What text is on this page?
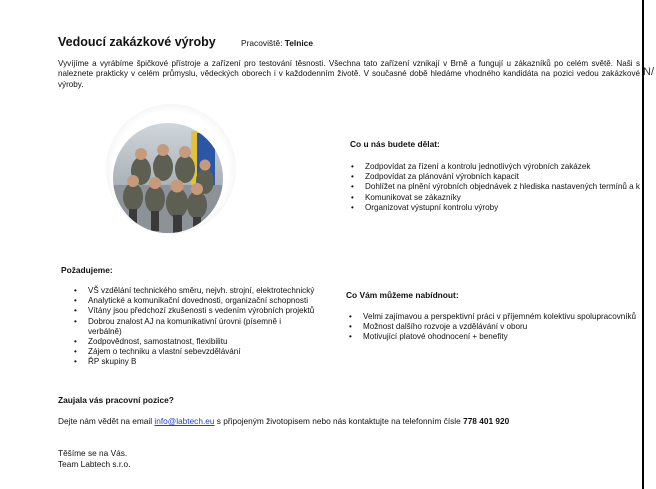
Vedoucí zakázkové výroby	Pracoviště: Telnice
Vyvíjíme a vyrábíme špičkové přístroje a zařízení pro testování těsnosti. Všechna tato zařízení vznikají v Brně a fungují u zákazníků po celém světě. Naši s naleznete prakticky v celém průmyslu, vědeckých oborech i v každodenním životě. V současné době hledáme vhodného kandidáta na pozici vedou zakázkové výroby.
Co u nás budete dělat:
• Zodpovídat za řízení a kontrolu jednotlivých výrobních zakázek
• Zodpovídat za plánování výrobních kapacit
• Dohlížet na plnění výrobních objednávek z hlediska nastavených termínů a k
• Komunikovat se zákazníky
• Organizovat výstupní kontrolu výroby
Požadujeme:
• VŠ vzdělání technického směru, nejvh. strojní, elektrotechnický
• Analytické a komunikační dovednosti, organizační schopnosti
• Vítány jsou předchozí zkušenosti s vedením výrobních projektů
• Dobrou znalost AJ na komunikativní úrovni (písemně i verbálně)
• Zodpovědnost, samostatnost, flexibilitu
• Zájem o techniku a vlastní sebevzdělávání
• ŘP skupiny B
Co Vám můžeme nabídnout:
• Velmi zajímavou a perspektivní práci v příjemném kolektivu spolupracovníků
• Možnost dalšího rozvoje a vzdělávání v oboru
• Motivující platové ohodnocení + benefity
Zaujala vás pracovní pozice?
Dejte nám vědět na email info@labtech.eu s připojeným životopisem nebo nás kontaktujte na telefonním čísle 778 401 920
Těšíme se na Vás.
Team Labtech s.r.o.
N/
